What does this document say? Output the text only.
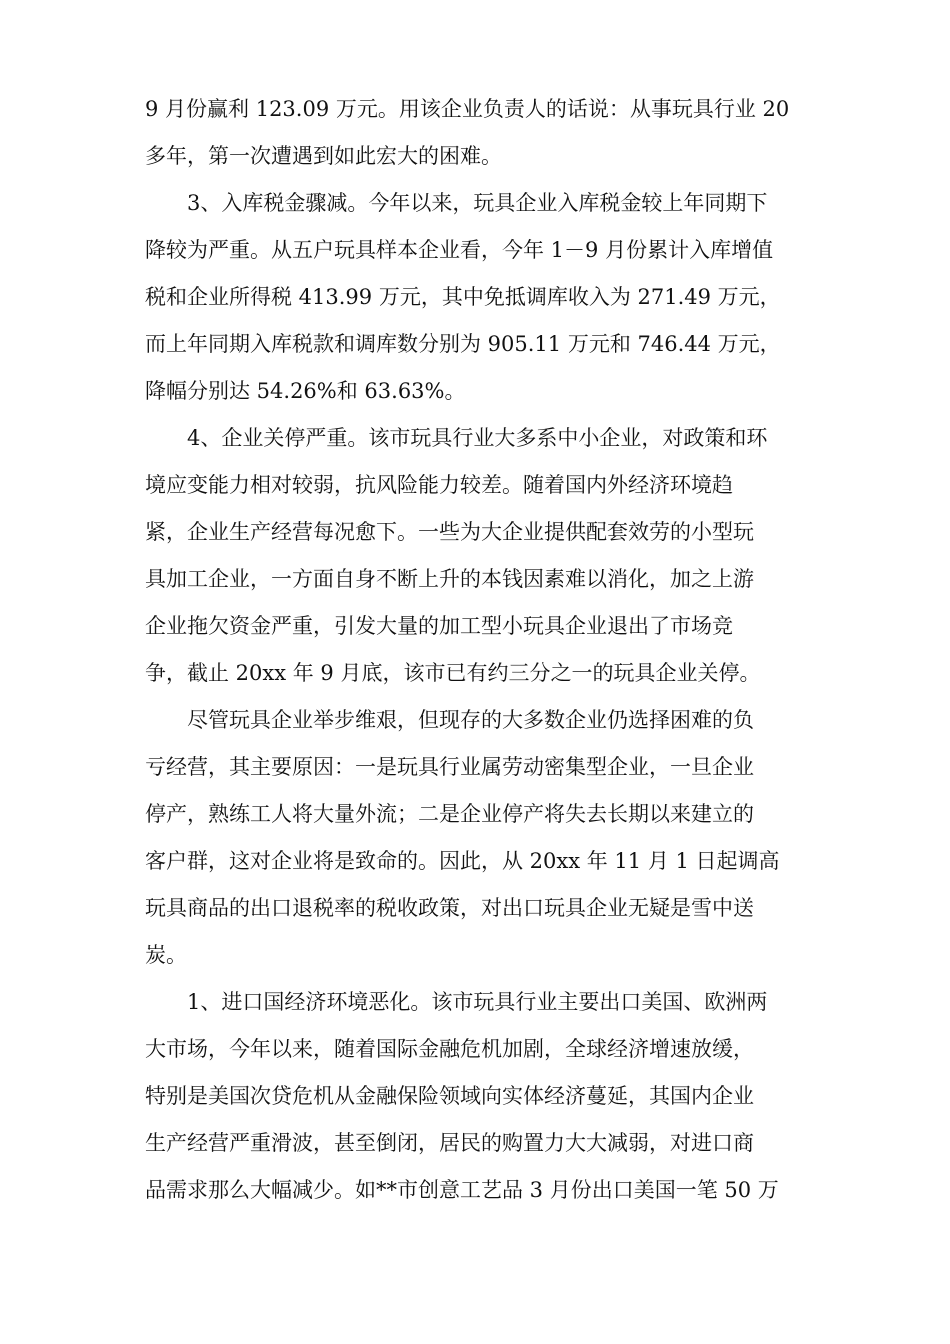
9 月份赢利 123.09 万元。用该企业负责人的话说：从事玩具行业 20
多年，第一次遭遇到如此宏大的困难。
3、入库税金骤减。今年以来，玩具企业入库税金较上年同期下
降较为严重。从五户玩具样本企业看，今年 1－9 月份累计入库增值
税和企业所得税 413.99 万元，其中免抵调库收入为 271.49 万元，
而上年同期入库税款和调库数分别为 905.11 万元和 746.44 万元，
降幅分别达 54.26%和 63.63%。
4、企业关停严重。该市玩具行业大多系中小企业，对政策和环
境应变能力相对较弱，抗风险能力较差。随着国内外经济环境趋
紧，企业生产经营每况愈下。一些为大企业提供配套效劳的小型玩
具加工企业，一方面自身不断上升的本钱因素难以消化，加之上游
企业拖欠资金严重，引发大量的加工型小玩具企业退出了市场竞
争，截止 20xx 年 9 月底，该市已有约三分之一的玩具企业关停。
尽管玩具企业举步维艰，但现存的大多数企业仍选择困难的负
亏经营，其主要原因：一是玩具行业属劳动密集型企业，一旦企业
停产，熟练工人将大量外流；二是企业停产将失去长期以来建立的
客户群，这对企业将是致命的。因此，从 20xx 年 11 月 1 日起调高
玩具商品的出口退税率的税收政策，对出口玩具企业无疑是雪中送
炭。
1、进口国经济环境恶化。该市玩具行业主要出口美国、欧洲两
大市场，今年以来，随着国际金融危机加剧，全球经济增速放缓，
特别是美国次贷危机从金融保险领域向实体经济蔓延，其国内企业
生产经营严重滑波，甚至倒闭，居民的购置力大大减弱，对进口商
品需求那么大幅减少。如**市创意工艺品 3 月份出口美国一笔 50 万
